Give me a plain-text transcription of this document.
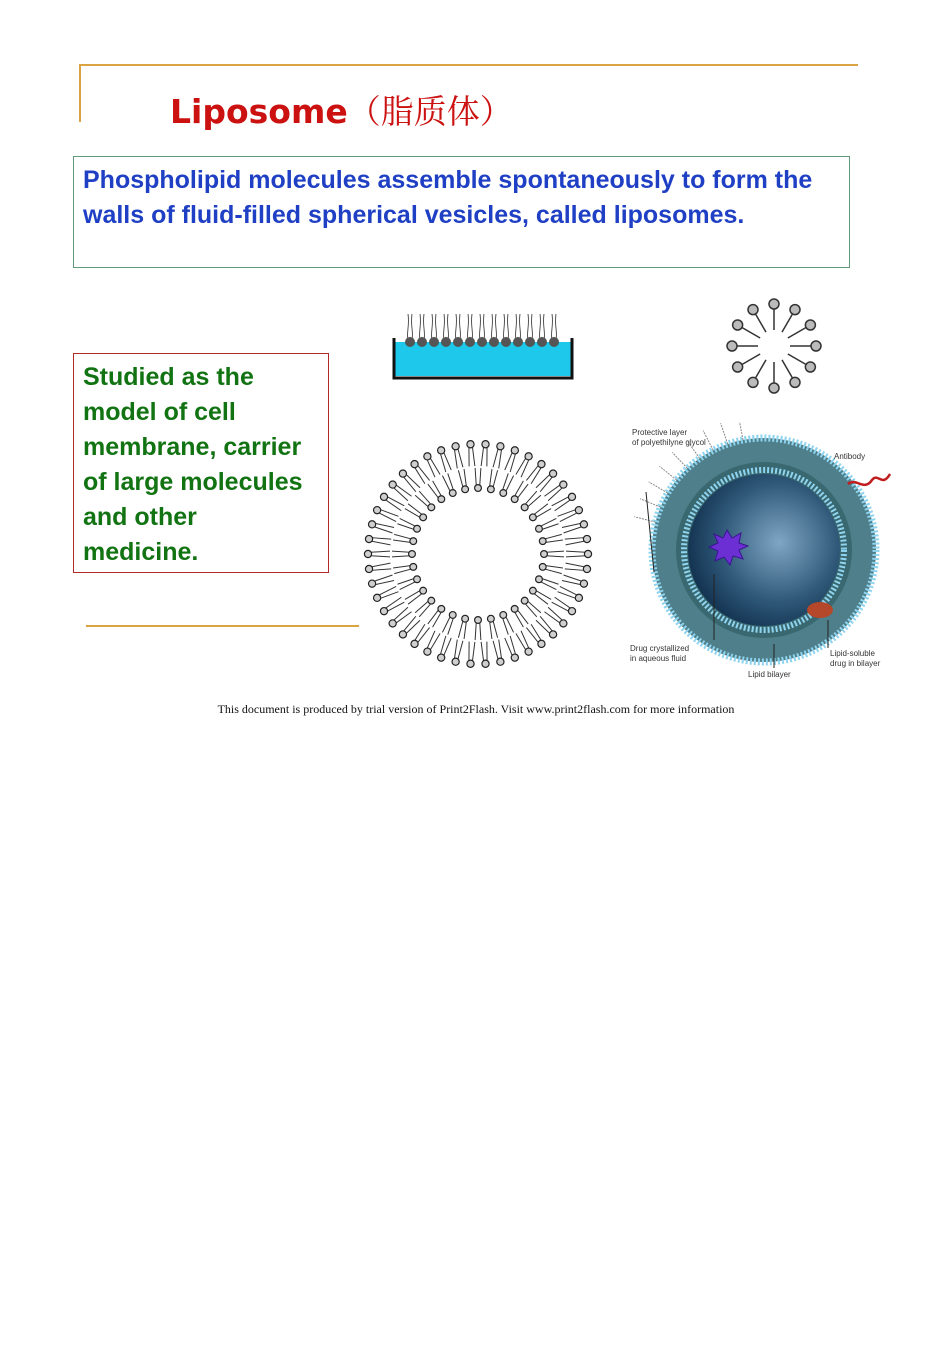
Liposome（脂质体）
Phospholipid molecules assemble spontaneously to form the walls of fluid-filled spherical vesicles, called liposomes.
Studied as the model of cell membrane, carrier of large molecules and other medicine.
Protective layer of polyethilyne glycol
Antibody
Drug crystallized in aqueous fluid
Lipid-soluble drug in bilayer
Lipid bilayer
This document is produced by trial version of Print2Flash. Visit www.print2flash.com for more information
